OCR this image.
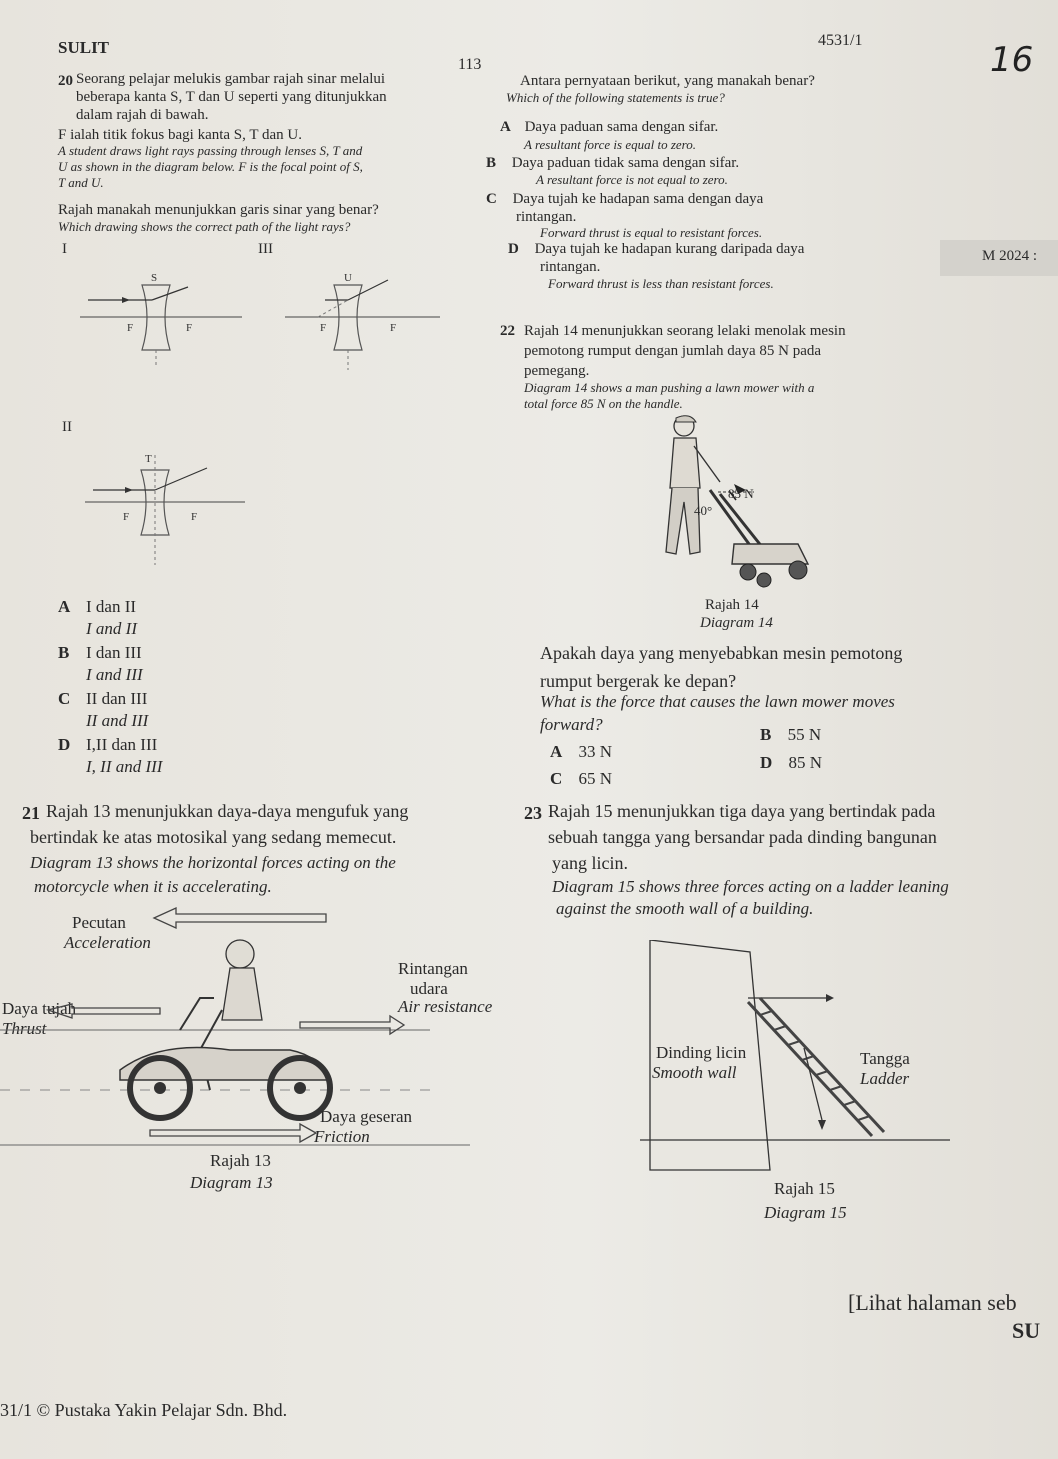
SULIT	4531/1
113	16
M 2024 :
20 Seorang pelajar melukis gambar rajah sinar melalui
beberapa kanta S, T dan U seperti yang ditunjukkan
dalam rajah di bawah.
F ialah titik fokus bagi kanta S, T dan U.
A student draws light rays passing through lenses S, T and
U as shown in the diagram below. F is the focal point of S,
T and U.
Rajah manakah menunjukkan garis sinar yang benar?
Which drawing shows the correct path of the light rays?
I	III
II
S
F	F
U
F	F
T
F	F
A I dan II
I and II
B I dan III
I and III
C II dan III
II and III
D I,II dan III
I, II and III
Antara pernyataan berikut, yang manakah benar?
Which of the following statements is true?
A Daya paduan sama dengan sifar.
A resultant force is equal to zero.
B Daya paduan tidak sama dengan sifar.
A resultant force is not equal to zero.
C Daya tujah ke hadapan sama dengan daya
rintangan.
Forward thrust is equal to resistant forces.
D Daya tujah ke hadapan kurang daripada daya
rintangan.
Forward thrust is less than resistant forces.
22 Rajah 14 menunjukkan seorang lelaki menolak mesin
pemotong rumput dengan jumlah daya 85 N pada
pemegang.
Diagram 14 shows a man pushing a lawn mower with a
total force 85 N on the handle.
85 N
40°
Rajah 14
Diagram 14
Apakah daya yang menyebabkan mesin pemotong
rumput bergerak ke depan?
What is the force that causes the lawn mower moves
forward?
A 33 N
B 55 N
C 65 N
D 85 N
21 Rajah 13 menunjukkan daya-daya mengufuk yang
bertindak ke atas motosikal yang sedang memecut.
Diagram 13 shows the horizontal forces acting on the
motorcycle when it is accelerating.
Pecutan
Acceleration
Rintangan
udara
Air resistance
Daya tujah
Thrust
Daya geseran
Friction
Rajah 13
Diagram 13
23 Rajah 15 menunjukkan tiga daya yang bertindak pada
sebuah tangga yang bersandar pada dinding bangunan
yang licin.
Diagram 15 shows three forces acting on a ladder leaning
against the smooth wall of a building.
Dinding licin
Smooth wall
Tangga
Ladder
Rajah 15
Diagram 15
[Lihat halaman seb
SU
31/1 © Pustaka Yakin Pelajar Sdn. Bhd.
